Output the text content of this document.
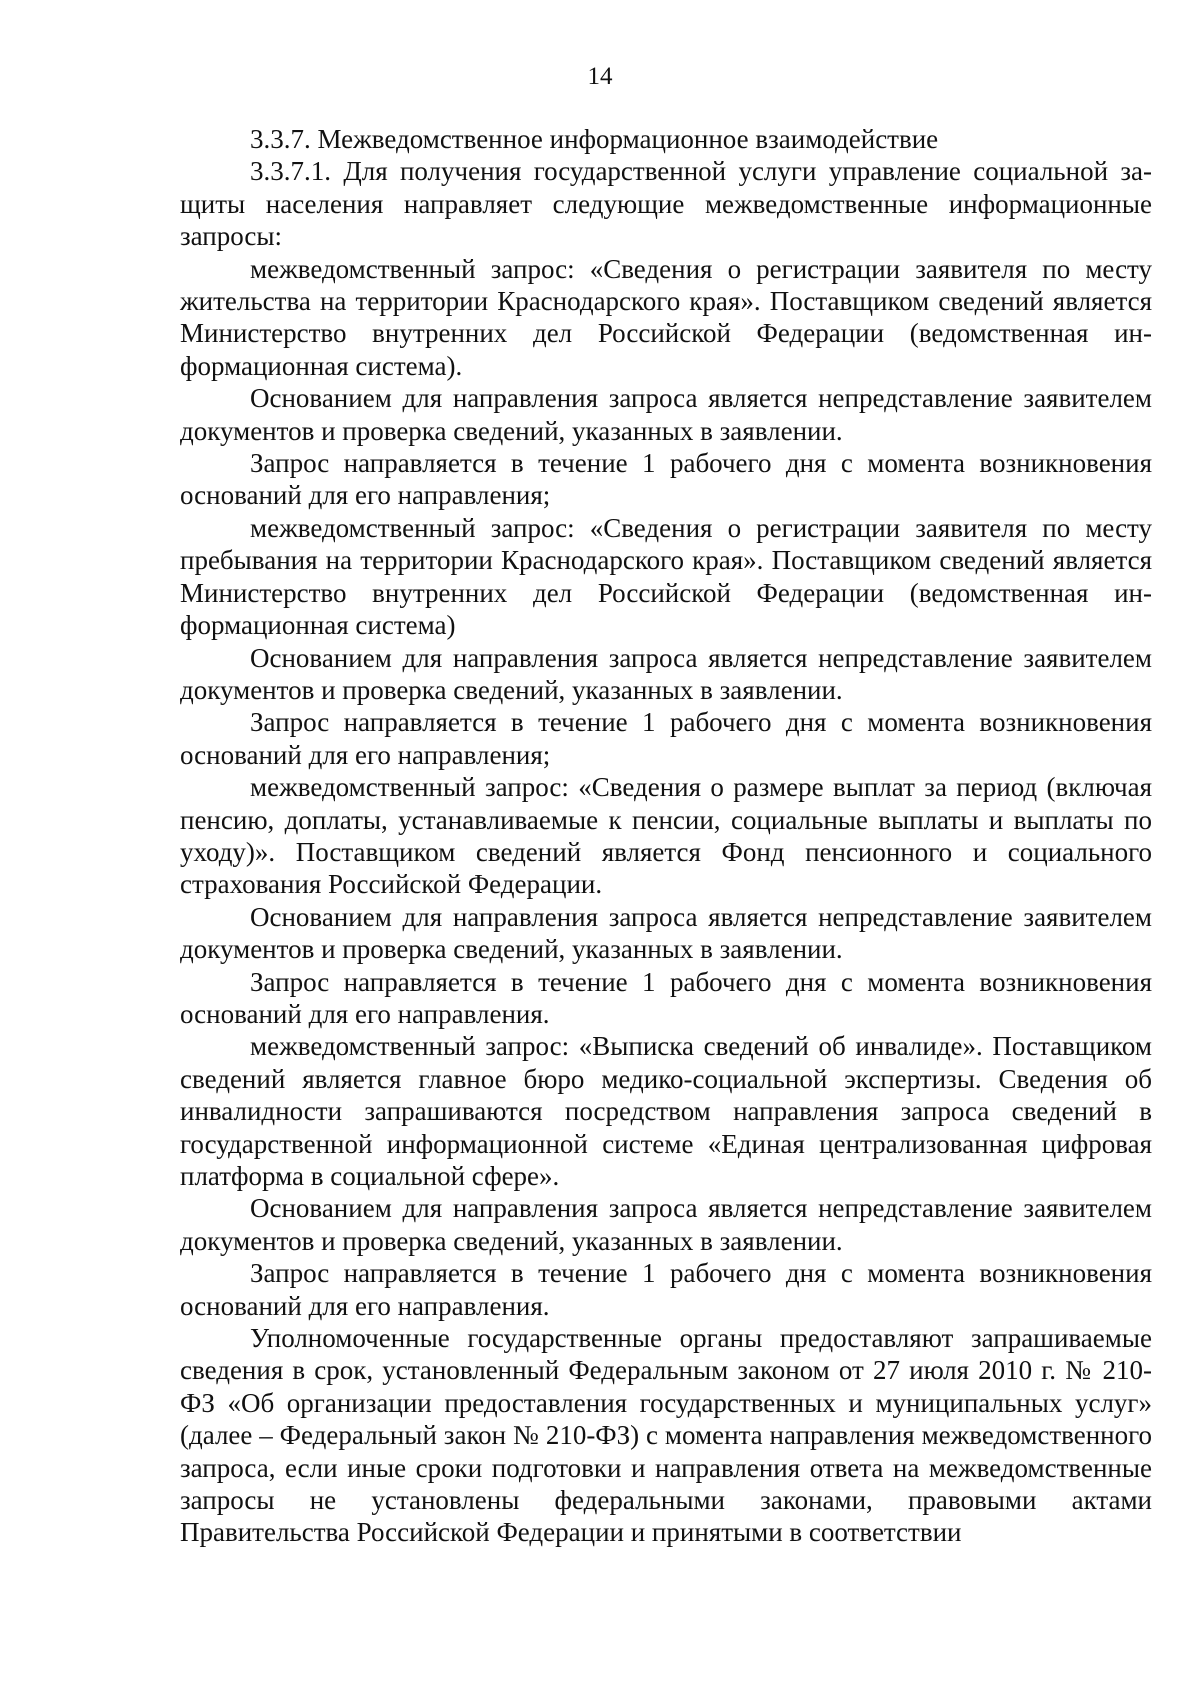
14

3.3.7. Межведомственное информационное взаимодействие

3.3.7.1. Для получения государственной услуги управление социальной защиты населения направляет следующие межведомственные информационные запросы:

межведомственный запрос: «Сведения о регистрации заявителя по месту жительства на территории Краснодарского края». Поставщиком сведений является Министерство внутренних дел Российской Федерации (ведомственная информационная система).

Основанием для направления запроса является непредставление заявителем документов и проверка сведений, указанных в заявлении.

Запрос направляется в течение 1 рабочего дня с момента возникновения оснований для его направления;

межведомственный запрос: «Сведения о регистрации заявителя по месту пребывания на территории Краснодарского края». Поставщиком сведений является Министерство внутренних дел Российской Федерации (ведомственная информационная система)

Основанием для направления запроса является непредставление заявителем документов и проверка сведений, указанных в заявлении.

Запрос направляется в течение 1 рабочего дня с момента возникновения оснований для его направления;

межведомственный запрос: «Сведения о размере выплат за период (включая пенсию, доплаты, устанавливаемые к пенсии, социальные выплаты и выплаты по уходу)». Поставщиком сведений является Фонд пенсионного и социального страхования Российской Федерации.

Основанием для направления запроса является непредставление заявителем документов и проверка сведений, указанных в заявлении.

Запрос направляется в течение 1 рабочего дня с момента возникновения оснований для его направления.

межведомственный запрос: «Выписка сведений об инвалиде». Поставщиком сведений является главное бюро медико-социальной экспертизы. Сведения об инвалидности запрашиваются посредством направления запроса сведений в государственной информационной системе «Единая централизованная цифровая платформа в социальной сфере».

Основанием для направления запроса является непредставление заявителем документов и проверка сведений, указанных в заявлении.

Запрос направляется в течение 1 рабочего дня с момента возникновения оснований для его направления.

Уполномоченные государственные органы предоставляют запрашиваемые сведения в срок, установленный Федеральным законом от 27 июля 2010 г. № 210-ФЗ «Об организации предоставления государственных и муниципальных услуг» (далее – Федеральный закон № 210-ФЗ) с момента направления межведомственного запроса, если иные сроки подготовки и направления ответа на межведомственные запросы не установлены федеральными законами, правовыми актами Правительства Российской Федерации и принятыми в соответствии
